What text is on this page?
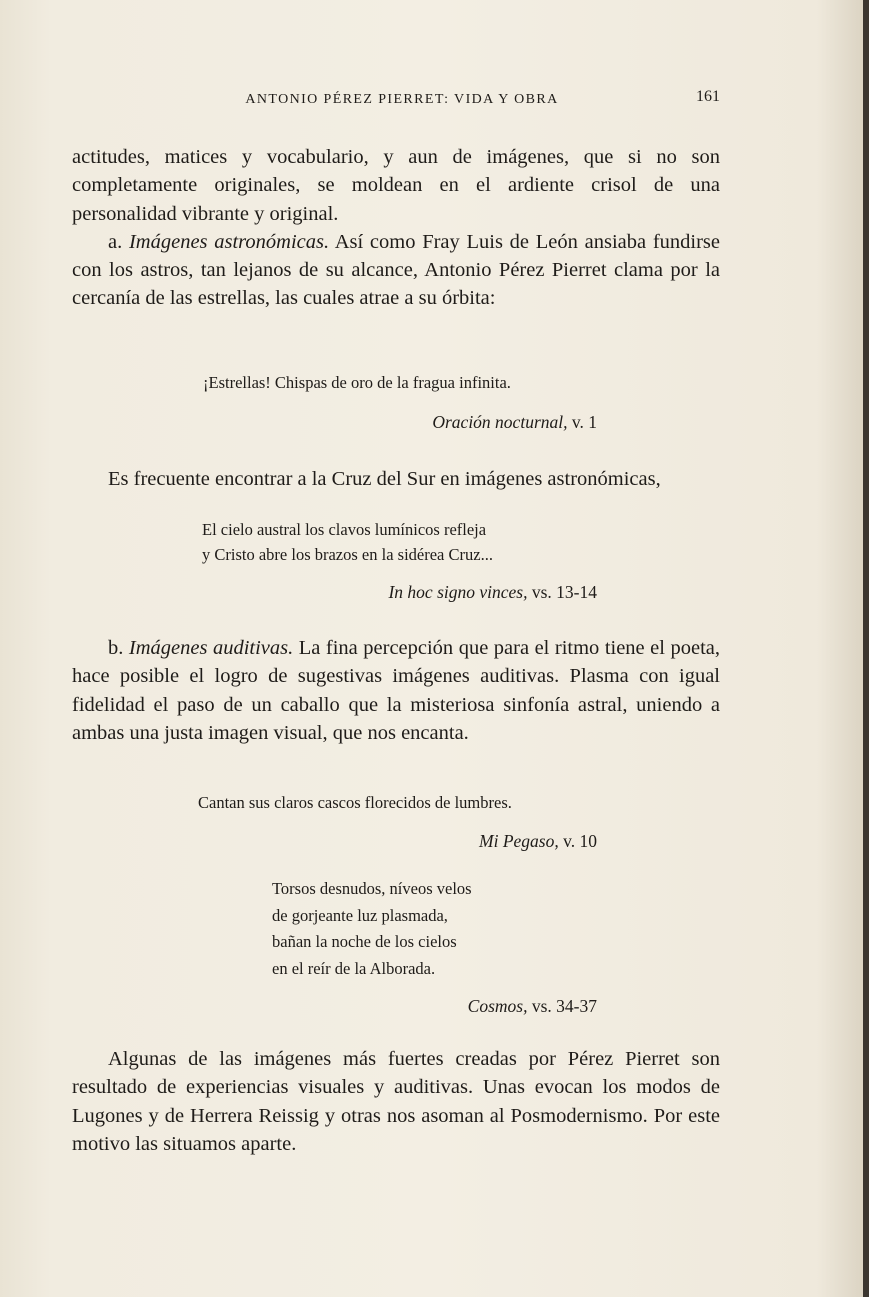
ANTONIO PÉREZ PIERRET: VIDA Y OBRA	161

actitudes, matices y vocabulario, y aun de imágenes, que si no son completamente originales, se moldean en el ardiente crisol de una personalidad vibrante y original.

a. Imágenes astronómicas. Así como Fray Luis de León ansiaba fundirse con los astros, tan lejanos de su alcance, Antonio Pérez Pierret clama por la cercanía de las estrellas, las cuales atrae a su órbita:

¡Estrellas! Chispas de oro de la fragua infinita.
Oración nocturnal, v. 1
Es frecuente encontrar a la Cruz del Sur en imágenes astronómicas,
El cielo austral los clavos lumínicos refleja
y Cristo abre los brazos en la sidérea Cruz...
In hoc signo vinces, vs. 13-14

b. Imágenes auditivas. La fina percepción que para el ritmo tiene el poeta, hace posible el logro de sugestivas imágenes auditivas. Plasma con igual fidelidad el paso de un caballo que la misteriosa sinfonía astral, uniendo a ambas una justa imagen visual, que nos encanta.

Cantan sus claros cascos florecidos de lumbres.
Mi Pegaso, v. 10
Torsos desnudos, níveos velos
de gorjeante luz plasmada,
bañan la noche de los cielos
en el reír de la Alborada.
Cosmos, vs. 34-37
Algunas de las imágenes más fuertes creadas por Pérez Pierret son resultado de experiencias visuales y auditivas. Unas evocan los modos de Lugones y de Herrera Reissig y otras nos asoman al Posmodernismo. Por este motivo las situamos aparte.
